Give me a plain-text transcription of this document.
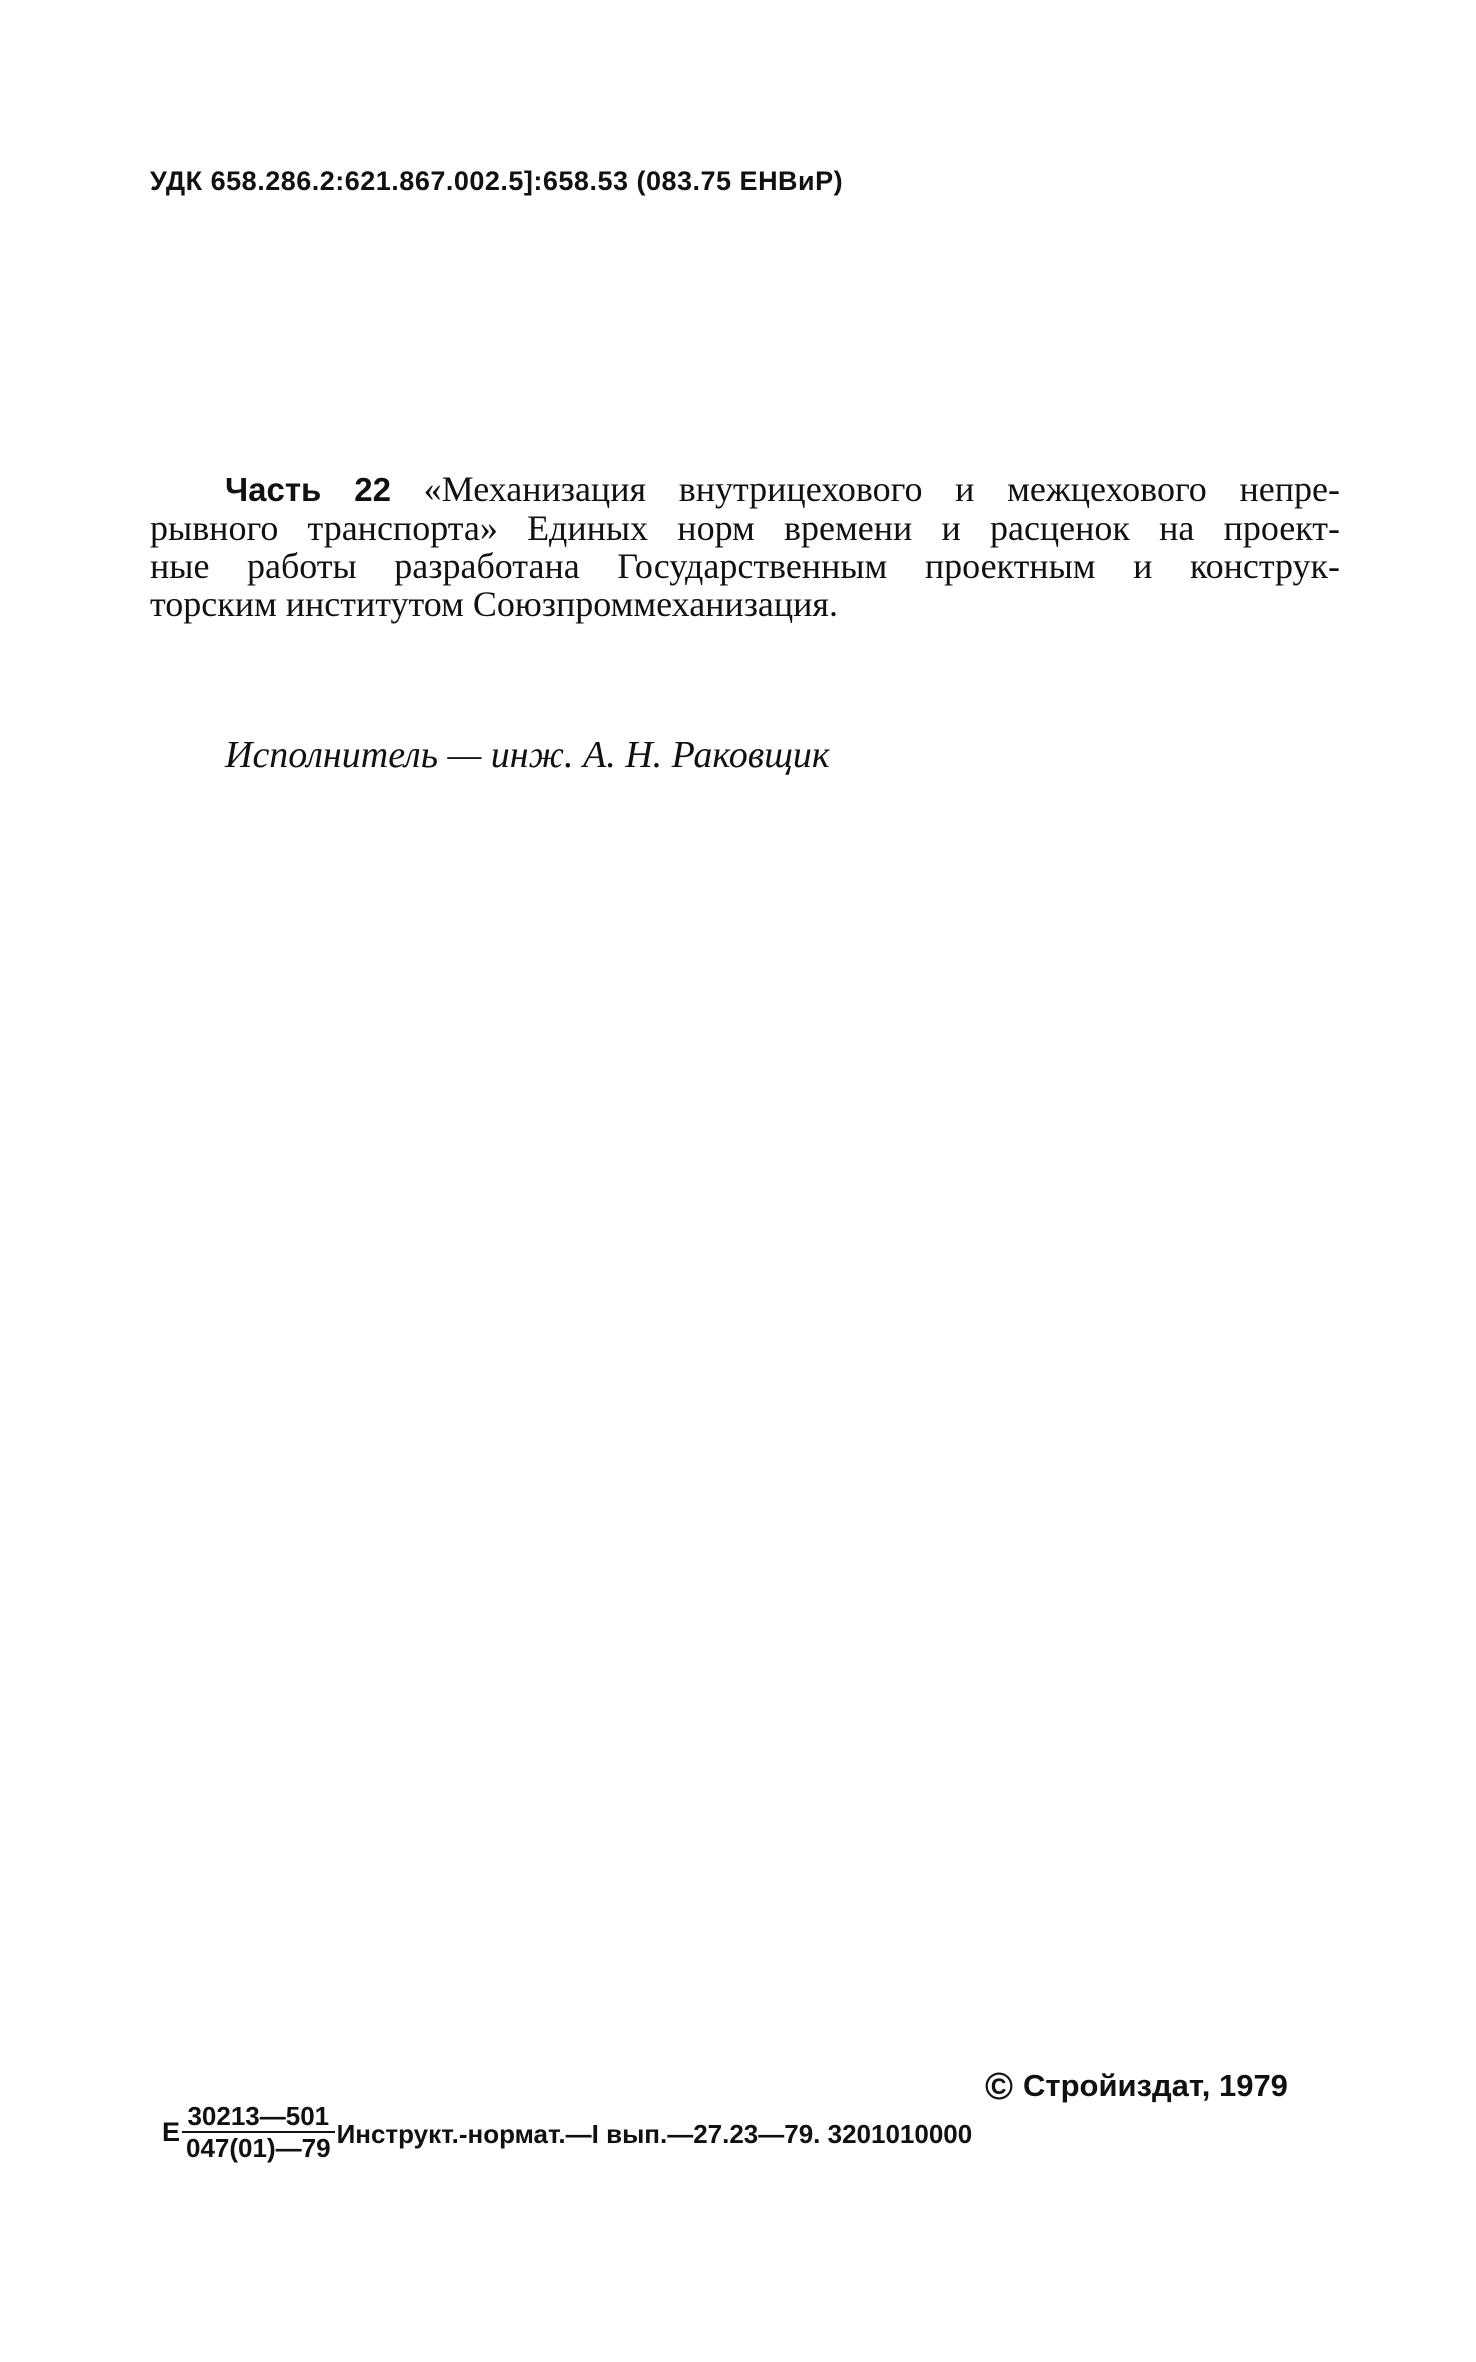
УДК 658.286.2:621.867.002.5]:658.53 (083.75 ЕНВиР)
Часть 22 «Механизация внутрицехового и межцехового непре-
рывного транспорта» Единых норм времени и расценок на проект-
ные работы разработана Государственным проектным и конструк-
торским институтом Союзпроммеханизация.
Исполнитель — инж. А. Н. Раковщик
© Стройиздат, 1979
Е $\frac{30213—501}{047(01)—79}$ Инструкт.-нормат.—I вып.—27.23—79. 3201010000
